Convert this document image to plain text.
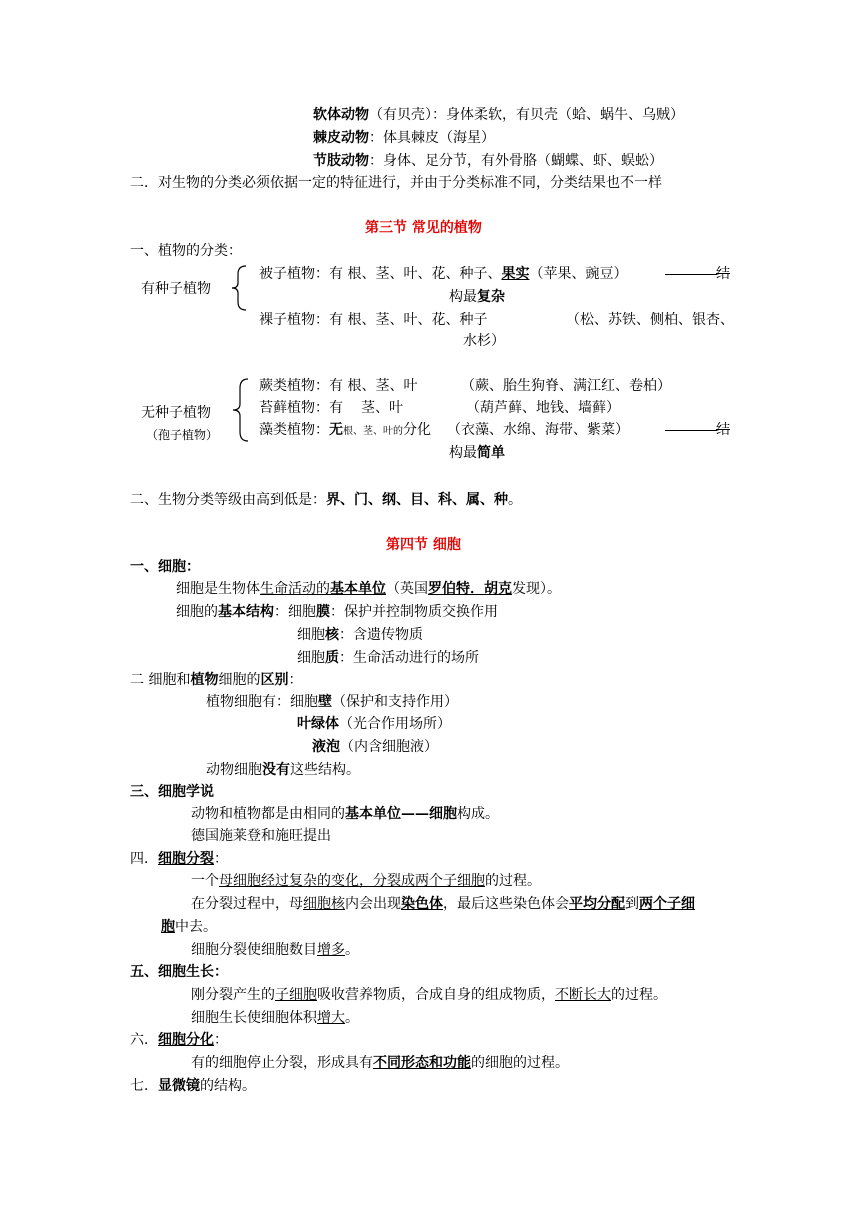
软体动物（有贝壳）：身体柔软，有贝壳（蛤、蜗牛、乌贼）
棘皮动物：体具棘皮（海星）
节肢动物：身体、足分节，有外骨胳（蝴蝶、虾、蜈蚣）
二．对生物的分类必须依据一定的特征进行，并由于分类标准不同，分类结果也不一样
第三节 常见的植物
一、植物的分类：
有种子植物
被子植物：有 根、茎、叶、花、种子、果实（苹果、豌豆）	结
构最复杂
裸子植物：有 根、茎、叶、花、种子	（松、苏铁、侧柏、银杏、
水杉）
无种子植物
（孢子植物）
蕨类植物：有 根、茎、叶	（蕨、胎生狗脊、满江红、卷柏）
苔藓植物：有 茎、叶	（葫芦藓、地钱、墙藓）
藻类植物：无根、茎、叶的分化 （衣藻、水绵、海带、紫菜）	结
构最简单
二、生物分类等级由高到低是：界、门、纲、目、科、属、种。
第四节 细胞
一、细胞：
细胞是生物体生命活动的基本单位（英国罗伯特．胡克发现）。
细胞的基本结构：细胞膜：保护并控制物质交换作用
细胞核：含遗传物质
细胞质：生命活动进行的场所
二 细胞和植物细胞的区别：
植物细胞有：细胞壁（保护和支持作用）
叶绿体（光合作用场所）
液泡（内含细胞液）
动物细胞没有这些结构。
三、细胞学说
动物和植物都是由相同的基本单位——细胞构成。
德国施莱登和施旺提出
四．细胞分裂：
一个母细胞经过复杂的变化，分裂成两个子细胞的过程。
在分裂过程中，母细胞核内会出现染色体，最后这些染色体会平均分配到两个子细
胞中去。
细胞分裂使细胞数目增多。
五、细胞生长：
刚分裂产生的子细胞吸收营养物质，合成自身的组成物质，不断长大的过程。
细胞生长使细胞体积增大。
六．细胞分化：
有的细胞停止分裂，形成具有不同形态和功能的细胞的过程。
七．显微镜的结构。
